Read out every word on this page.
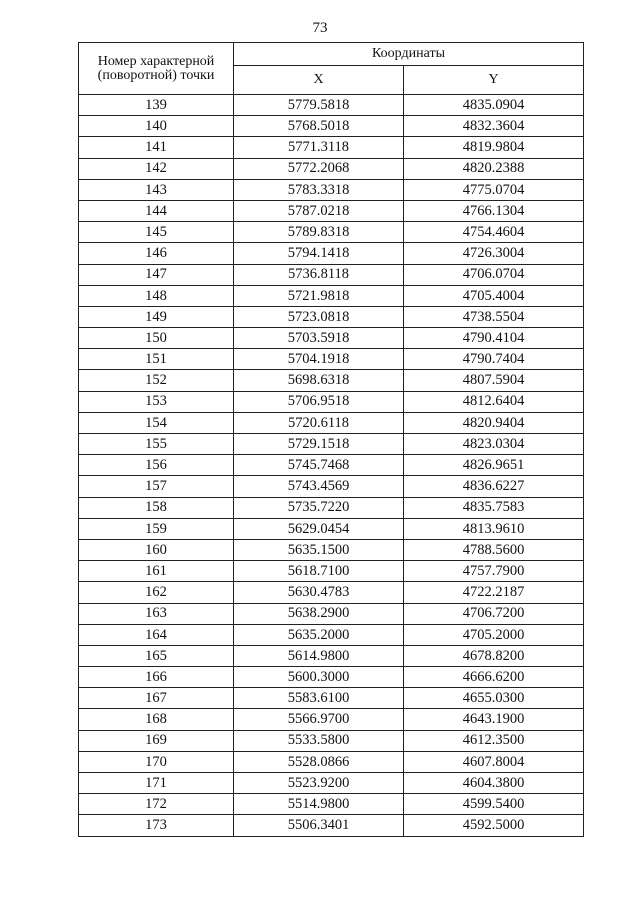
73
Номер характерной (поворотной) точки	Координаты	
	X	Y
139	5779.5818	4835.0904
140	5768.5018	4832.3604
141	5771.3118	4819.9804
142	5772.2068	4820.2388
143	5783.3318	4775.0704
144	5787.0218	4766.1304
145	5789.8318	4754.4604
146	5794.1418	4726.3004
147	5736.8118	4706.0704
148	5721.9818	4705.4004
149	5723.0818	4738.5504
150	5703.5918	4790.4104
151	5704.1918	4790.7404
152	5698.6318	4807.5904
153	5706.9518	4812.6404
154	5720.6118	4820.9404
155	5729.1518	4823.0304
156	5745.7468	4826.9651
157	5743.4569	4836.6227
158	5735.7220	4835.7583
159	5629.0454	4813.9610
160	5635.1500	4788.5600
161	5618.7100	4757.7900
162	5630.4783	4722.2187
163	5638.2900	4706.7200
164	5635.2000	4705.2000
165	5614.9800	4678.8200
166	5600.3000	4666.6200
167	5583.6100	4655.0300
168	5566.9700	4643.1900
169	5533.5800	4612.3500
170	5528.0866	4607.8004
171	5523.9200	4604.3800
172	5514.9800	4599.5400
173	5506.3401	4592.5000
